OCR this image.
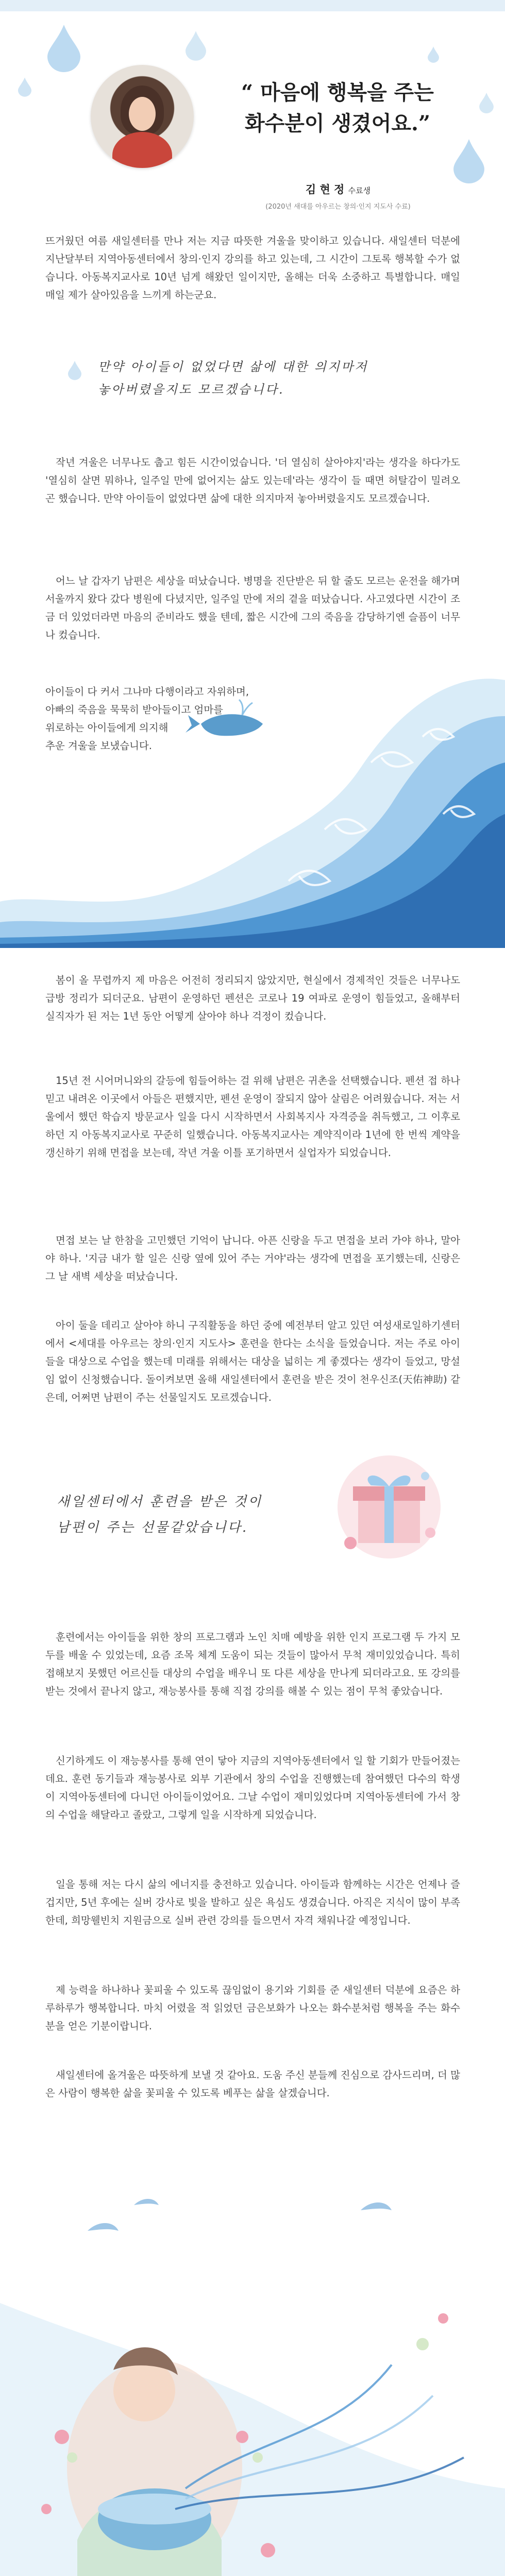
“ 마음에 행복을 주는
화수분이 생겼어요.”
김 현 정 수료생
(2020년 새대를 아우르는 창의·인지 지도사 수료)
뜨거웠던 여름 새일센터를 만나 저는 지금 따뜻한 겨울을 맞이하고 있습니다. 새일센터 덕분에 지난달부터 지역아동센터에서 창의·인지 강의를 하고 있는데, 그 시간이 그토록 행복할 수가 없습니다. 아동복지교사로 10년 넘게 해왔던 일이지만, 올해는 더욱 소중하고 특별합니다. 매일 매일 제가 살아있음을 느끼게 하는군요.
만약 아이들이 없었다면 삶에 대한 의지마저
놓아버렸을지도 모르겠습니다.
작년 겨울은 너무나도 춥고 힘든 시간이었습니다. '더 열심히 살아야지'라는 생각을 하다가도 '열심히 살면 뭐하나, 일주일 만에 없어지는 삶도 있는데'라는 생각이 들 때면 허탈감이 밀려오곤 했습니다. 만약 아이들이 없었다면 삶에 대한 의지마저 놓아버렸을지도 모르겠습니다.
어느 날 갑자기 남편은 세상을 떠났습니다. 병명을 진단받은 뒤 할 줄도 모르는 운전을 해가며 서울까지 왔다 갔다 병원에 다녔지만, 일주일 만에 저의 곁을 떠났습니다. 사고였다면 시간이 조금 더 있었더라면 마음의 준비라도 했을 텐데, 짧은 시간에 그의 죽음을 감당하기엔 슬픔이 너무나 컸습니다.
아이들이 다 커서 그나마 다행이라고 자위하며,
아빠의 죽음을 묵묵히 받아들이고 엄마를
위로하는 아이들에게 의지해
추운 겨울을 보냈습니다.
봄이 올 무렵까지 제 마음은 어전히 정리되지 않았지만, 현실에서 경제적인 것들은 너무나도 급방 정리가 되더군요. 남편이 운영하던 펜션은 코로나 19 여파로 운영이 힘들었고, 올해부터 실직자가 된 저는 1년 동안 어떻게 살아야 하나 걱정이 컸습니다.
15년 전 시어머니와의 갈등에 힘들어하는 걸 위해 남편은 귀촌을 선택했습니다. 펜션 접 하나 믿고 내려온 이곳에서 아들은 편했지만, 펜션 운영이 잘되지 않아 살림은 어려웠습니다. 저는 서울에서 했던 학습지 방문교사 일을 다시 시작하면서 사회복지사 자격증을 취득했고, 그 이후로 하던 지 아동복지교사로 꾸준히 일했습니다. 아동복지교사는 계약직이라 1년에 한 번씩 계약을 갱신하기 위해 면접을 보는데, 작년 겨울 이틀 포기하면서 실업자가 되었습니다.
면접 보는 날 한참을 고민했던 기억이 납니다. 아픈 신랑을 두고 면접을 보러 가야 하나, 말아야 하나. '지금 내가 할 일은 신랑 옆에 있어 주는 거야'라는 생각에 면접을 포기했는데, 신랑은 그 날 새벽 세상을 떠났습니다.
아이 둘을 데리고 살아야 하니 구직활동을 하던 중에 예전부터 알고 있던 여성새로일하기센터에서 <세대를 아우르는 창의·인지 지도사> 훈련을 한다는 소식을 들었습니다. 저는 주로 아이들을 대상으로 수업을 했는데 미래를 위해서는 대상을 넓히는 게 좋겠다는 생각이 들었고, 망설임 없이 신청했습니다. 돌이켜보면 올해 새일센터에서 훈련을 받은 것이 천우신조(天佑神助) 같은데, 어쩌면 남편이 주는 선물일지도 모르겠습니다.
새일센터에서 훈련을 받은 것이
남편이 주는 선물같았습니다.
훈련에서는 아이들을 위한 창의 프로그램과 노인 치매 예방을 위한 인지 프로그램 두 가지 모두를 배울 수 있었는데, 요즘 조목 체계 도움이 되는 것들이 많아서 무척 재미있었습니다. 특히 접해보지 못했던 어르신들 대상의 수업을 배우니 또 다른 세상을 만나게 되더라고요. 또 강의를 받는 것에서 끝나지 않고, 재능봉사를 통해 직접 강의를 해볼 수 있는 점이 무척 좋았습니다.
신기하게도 이 재능봉사를 통해 연이 닿아 지금의 지역아동센터에서 일 할 기회가 만들어졌는데요. 훈련 동기들과 재능봉사로 외부 기관에서 창의 수업을 진행했는데 참여했던 다수의 학생이 지역아동센터에 다니던 아이들이었어요. 그날 수업이 재미있었다며 지역아동센터에 가서 창의 수업을 해달라고 졸랐고, 그렇게 일을 시작하게 되었습니다.
일을 통해 저는 다시 삶의 에너지를 충전하고 있습니다. 아이들과 함께하는 시간은 언제나 즐겁지만, 5년 후에는 실버 강사로 빛을 발하고 싶은 욕심도 생겼습니다. 아직은 지식이 많이 부족한데, 희망웰빈치 지원금으로 실버 관련 강의를 들으면서 자격 채워나갈 예정입니다.
제 능력을 하나하나 꽃피울 수 있도록 끊임없이 용기와 기회를 준 새일센터 덕분에 요즘은 하루하루가 행복합니다. 마치 어렸을 적 읽었던 금은보화가 나오는 화수분처럼 행복을 주는 화수분을 얻은 기분이랍니다.
새일센터에 올겨울은 따뜻하게 보낼 것 같아요. 도움 주신 분들께 진심으로 감사드리며, 더 많은 사람이 행복한 삶을 꽃피울 수 있도록 베푸는 삶을 살겠습니다.
